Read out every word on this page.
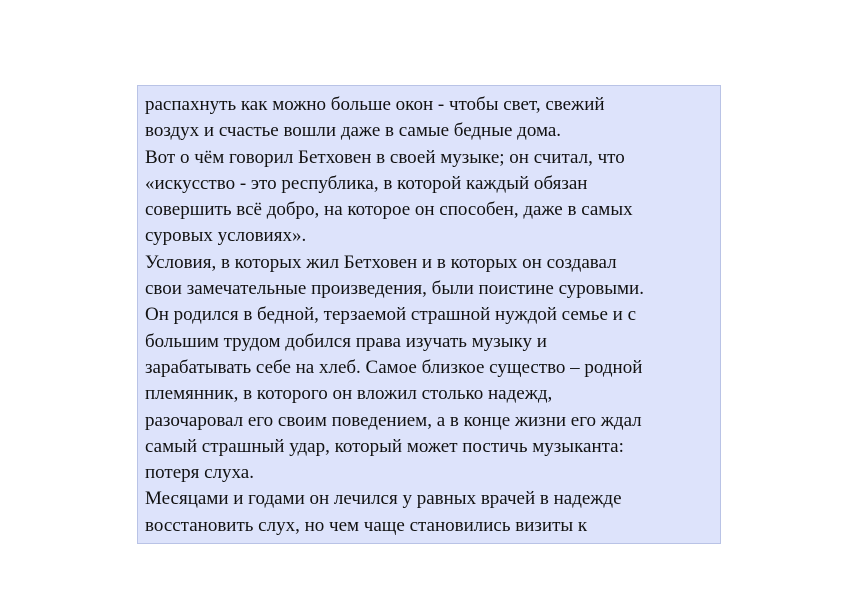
распахнуть как можно больше окон - чтобы свет, свежий

воздух и счастье вошли даже в самые бедные дома.

Вот о чём говорил Бетховен в своей музыке; он считал, что

«искусство - это республика, в которой каждый обязан

совершить всё добро, на которое он способен, даже в самых

суровых условиях».

Условия, в которых жил Бетховен и в которых он создавал

свои замечательные произведения, были поистине суровыми.

Он родился в бедной, терзаемой страшной нуждой семье и с

большим трудом добился права изучать музыку и

зарабатывать себе на хлеб. Самое близкое существо – родной

племянник, в которого он вложил столько надежд,

разочаровал его своим поведением, а в конце жизни его ждал

самый страшный удар, который может постичь музыканта:

потеря слуха.

Месяцами и годами он лечился у равных врачей в надежде

восстановить слух, но чем чаще становились визиты к
